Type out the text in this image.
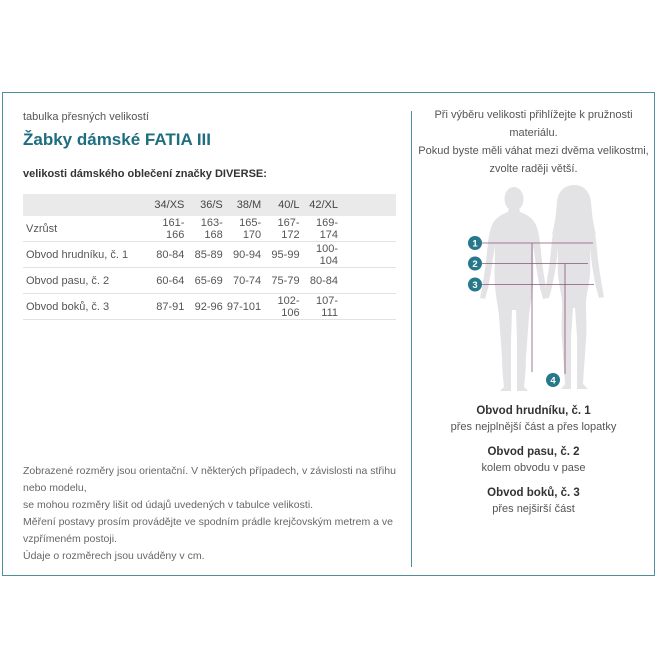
tabulka přesných velikostí
Žabky dámské FATIA III
velikosti dámského oblečení značky DIVERSE:
	34/XS	36/S	38/M	40/L	42/XL	
Vzrůst	161-166	163-168	165-170	167-172	169-174	
Obvod hrudníku, č. 1	80-84	85-89	90-94	95-99	100-104	
Obvod pasu, č. 2	60-64	65-69	70-74	75-79	80-84	
Obvod boků, č. 3	87-91	92-96	97-101	102-106	107-111	
Zobrazené rozměry jsou orientační. V některých případech, v závislosti na střihu nebo modelu,
se mohou rozměry lišit od údajů uvedených v tabulce velikosti.
Měření postavy prosím provádějte ve spodním prádle krejčovským metrem a ve vzpřímeném postoji.
Údaje o rozměrech jsou uváděny v cm.
Při výběru velikosti přihlížejte k pružnosti materiálu.
Pokud byste měli váhat mezi dvěma velikostmi,
zvolte raději větší.
1
2
3
4
Obvod hrudníku, č. 1
přes nejplnější část a přes lopatky
Obvod pasu, č. 2
kolem obvodu v pase
Obvod boků, č. 3
přes nejširší část
